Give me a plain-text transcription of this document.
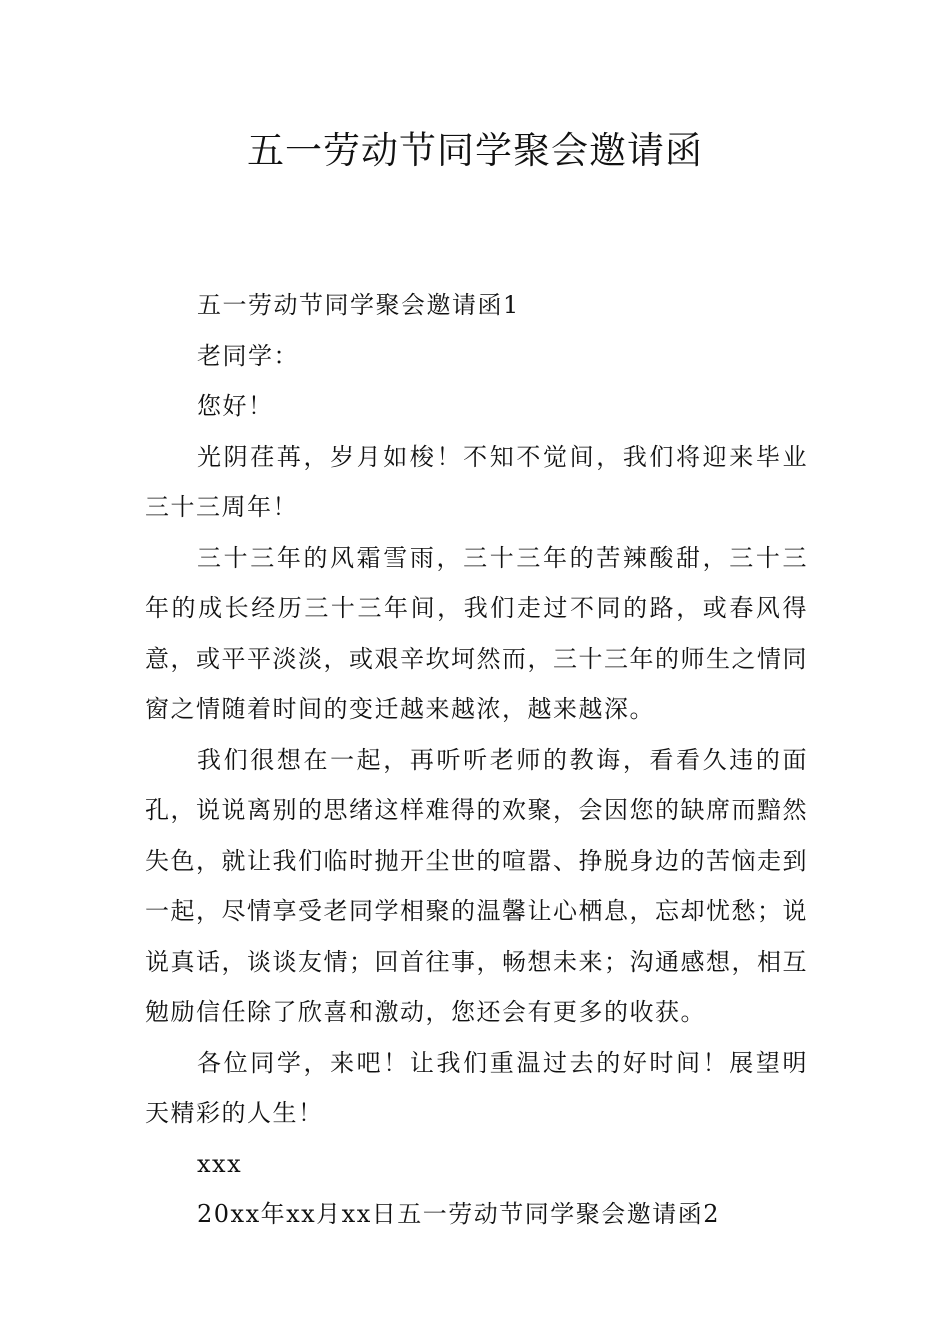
五一劳动节同学聚会邀请函
五一劳动节同学聚会邀请函1
老同学：
您好！

光阴荏苒，岁月如梭！不知不觉间，我们将迎来毕业三十三周年！

三十三年的风霜雪雨，三十三年的苦辣酸甜，三十三年的成长经历三十三年间，我们走过不同的路，或春风得意，或平平淡淡，或艰辛坎坷然而，三十三年的师生之情同窗之情随着时间的变迁越来越浓，越来越深。

我们很想在一起，再听听老师的教诲，看看久违的面孔，说说离别的思绪这样难得的欢聚，会因您的缺席而黯然失色，就让我们临时抛开尘世的喧嚣、挣脱身边的苦恼走到一起，尽情享受老同学相聚的温馨让心栖息，忘却忧愁；说说真话，谈谈友情；回首往事，畅想未来；沟通感想，相互勉励信任除了欣喜和激动，您还会有更多的收获。

各位同学，来吧！让我们重温过去的好时间！展望明天精彩的人生！

xxx
20xx年xx月xx日五一劳动节同学聚会邀请函2
